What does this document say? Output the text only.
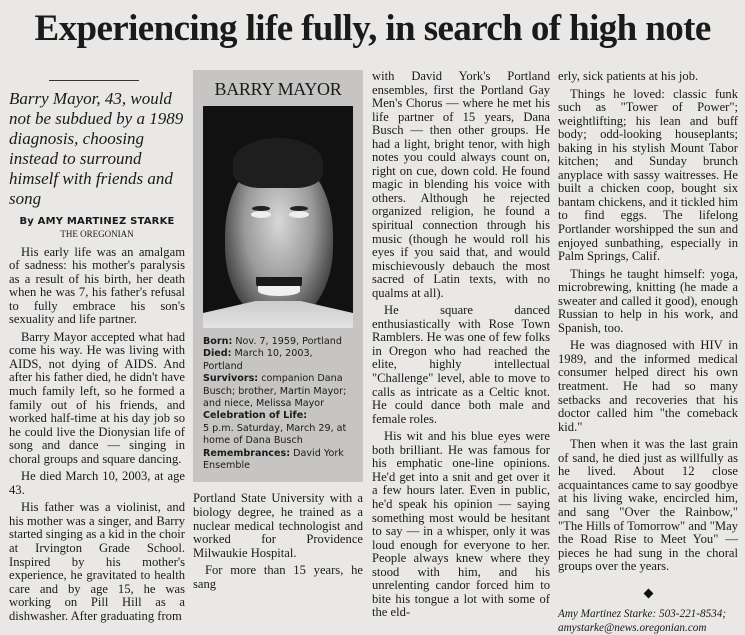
Experiencing life fully, in search of high note
Barry Mayor, 43, would not be subdued by a 1989 diagnosis, choosing instead to surround himself with friends and song
By AMY MARTINEZ STARKE
THE OREGONIAN

His early life was an amalgam of sadness: his mother's paralysis as a result of his birth, her death when he was 7, his father's refusal to fully embrace his son's sexuality and life partner.

Barry Mayor accepted what had come his way. He was living with AIDS, not dying of AIDS. And after his father died, he didn't have much family left, so he formed a family out of his friends, and worked half-time at his day job so he could live the Dionysian life of song and dance — singing in choral groups and square dancing.

He died March 10, 2003, at age 43.

His father was a violinist, and his mother was a singer, and Barry started singing as a kid in the choir at Irvington Grade School. Inspired by his mother's experience, he gravitated to health care and by age 15, he was working on Pill Hill as a dishwasher. After graduating from

BARRY MAYOR
Born: Nov. 7, 1959, Portland
Died: March 10, 2003, Portland
Survivors: companion Dana Busch; brother, Martin Mayor; and niece, Melissa Mayor
Celebration of Life:
5 p.m. Saturday, March 29, at home of Dana Busch
Remembrances: David York Ensemble

Portland State University with a biology degree, he trained as a nuclear medical technologist and worked for Providence Milwaukie Hospital.

For more than 15 years, he sang

with David York's Portland ensembles, first the Portland Gay Men's Chorus — where he met his life partner of 15 years, Dana Busch — then other groups. He had a light, bright tenor, with high notes you could always count on, right on cue, down cold. He found magic in blending his voice with others. Although he rejected organized religion, he found a spiritual connection through his music (though he would roll his eyes if you said that, and would mischievously debauch the most sacred of Latin texts, with no qualms at all).

He square danced enthusiastically with Rose Town Ramblers. He was one of few folks in Oregon who had reached the elite, highly intellectual "Challenge" level, able to move to calls as intricate as a Celtic knot. He could dance both male and female roles.

His wit and his blue eyes were both brilliant. He was famous for his emphatic one-line opinions. He'd get into a snit and get over it a few hours later. Even in public, he'd speak his opinion — saying something most would be hesitant to say — in a whisper, only it was loud enough for everyone to her. People always knew where they stood with him, and his unrelenting candor forced him to bite his tongue a lot with some of the eld-

erly, sick patients at his job.

Things he loved: classic funk such as "Tower of Power"; weightlifting; his lean and buff body; odd-looking houseplants; baking in his stylish Mount Tabor kitchen; and Sunday brunch anyplace with sassy waitresses. He built a chicken coop, bought six bantam chickens, and it tickled him to find eggs. The lifelong Portlander worshipped the sun and enjoyed sunbathing, especially in Palm Springs, Calif.

Things he taught himself: yoga, microbrewing, knitting (he made a sweater and called it good), enough Russian to help in his work, and Spanish, too.

He was diagnosed with HIV in 1989, and the informed medical consumer helped direct his own treatment. He had so many setbacks and recoveries that his doctor called him "the comeback kid."

Then when it was the last grain of sand, he died just as willfully as he lived. About 12 close acquaintances came to say goodbye at his living wake, encircled him, and sang "Over the Rainbow," "The Hills of Tomorrow" and "May the Road Rise to Meet You" — pieces he had sung in the choral groups over the years.

Amy Martinez Starke: 503-221-8534;
amystarke@news.oregonian.com
